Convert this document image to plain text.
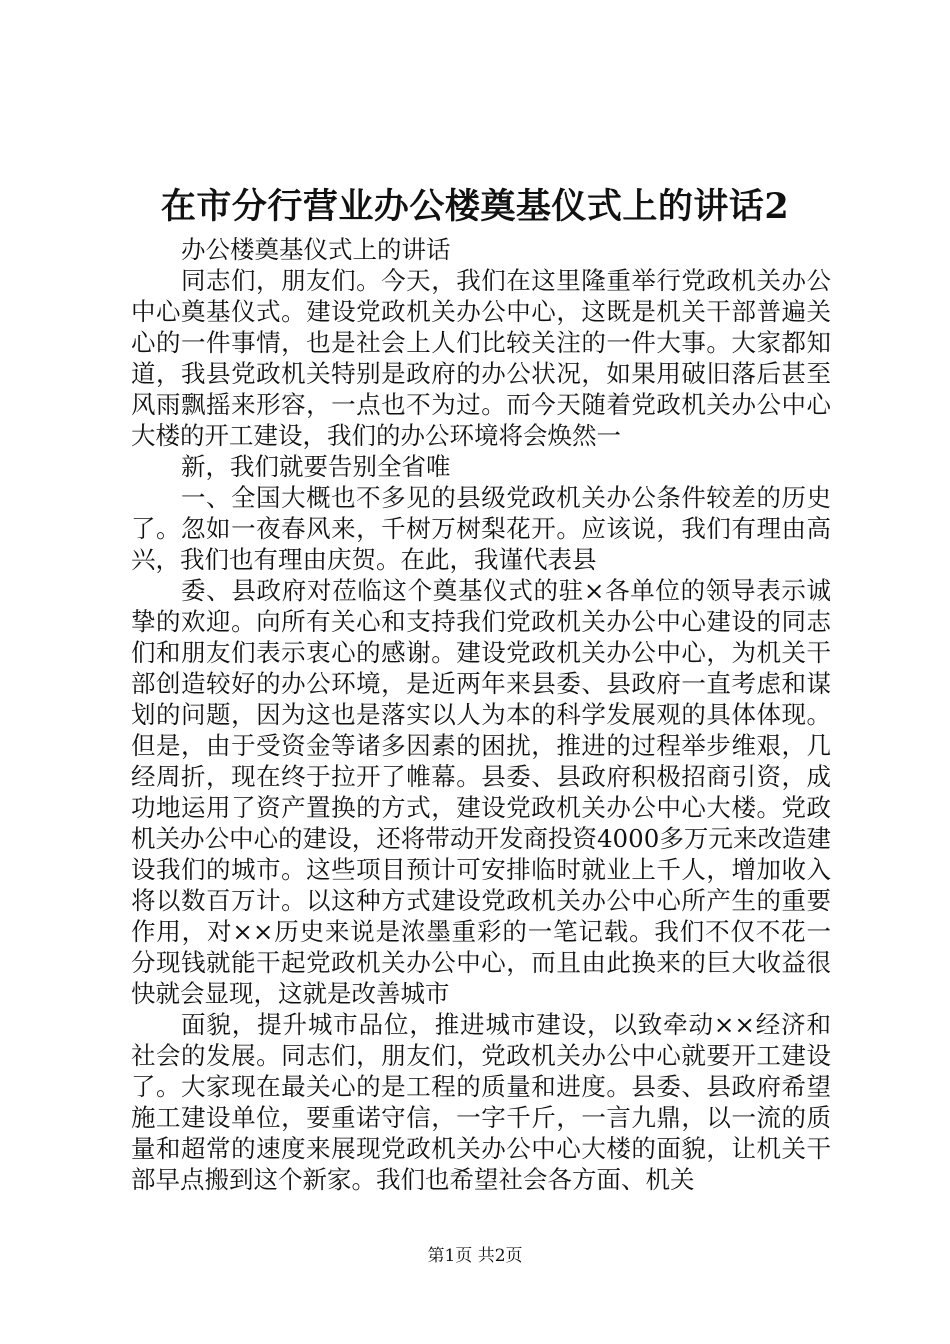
在市分行营业办公楼奠基仪式上的讲话2

办公楼奠基仪式上的讲话

同志们，朋友们。今天，我们在这里隆重举行党政机关办公中心奠基仪式。建设党政机关办公中心，这既是机关干部普遍关心的一件事情，也是社会上人们比较关注的一件大事。大家都知道，我县党政机关特别是政府的办公状况，如果用破旧落后甚至风雨飘摇来形容，一点也不为过。而今天随着党政机关办公中心大楼的开工建设，我们的办公环境将会焕然一

新，我们就要告别全省唯

一、全国大概也不多见的县级党政机关办公条件较差的历史了。忽如一夜春风来，千树万树梨花开。应该说，我们有理由高兴，我们也有理由庆贺。在此，我谨代表县

委、县政府对莅临这个奠基仪式的驻×各单位的领导表示诚挚的欢迎。向所有关心和支持我们党政机关办公中心建设的同志们和朋友们表示衷心的感谢。建设党政机关办公中心，为机关干部创造较好的办公环境，是近两年来县委、县政府一直考虑和谋划的问题，因为这也是落实以人为本的科学发展观的具体体现。但是，由于受资金等诸多因素的困扰，推进的过程举步维艰，几经周折，现在终于拉开了帷幕。县委、县政府积极招商引资，成功地运用了资产置换的方式，建设党政机关办公中心大楼。党政机关办公中心的建设，还将带动开发商投资4000多万元来改造建设我们的城市。这些项目预计可安排临时就业上千人，增加收入将以数百万计。以这种方式建设党政机关办公中心所产生的重要作用，对××历史来说是浓墨重彩的一笔记载。我们不仅不花一分现钱就能干起党政机关办公中心，而且由此换来的巨大收益很快就会显现，这就是改善城市

面貌，提升城市品位，推进城市建设，以致牵动××经济和社会的发展。同志们，朋友们，党政机关办公中心就要开工建设了。大家现在最关心的是工程的质量和进度。县委、县政府希望施工建设单位，要重诺守信，一字千斤，一言九鼎，以一流的质量和超常的速度来展现党政机关办公中心大楼的面貌，让机关干部早点搬到这个新家。我们也希望社会各方面、机关

第1页 共2页
